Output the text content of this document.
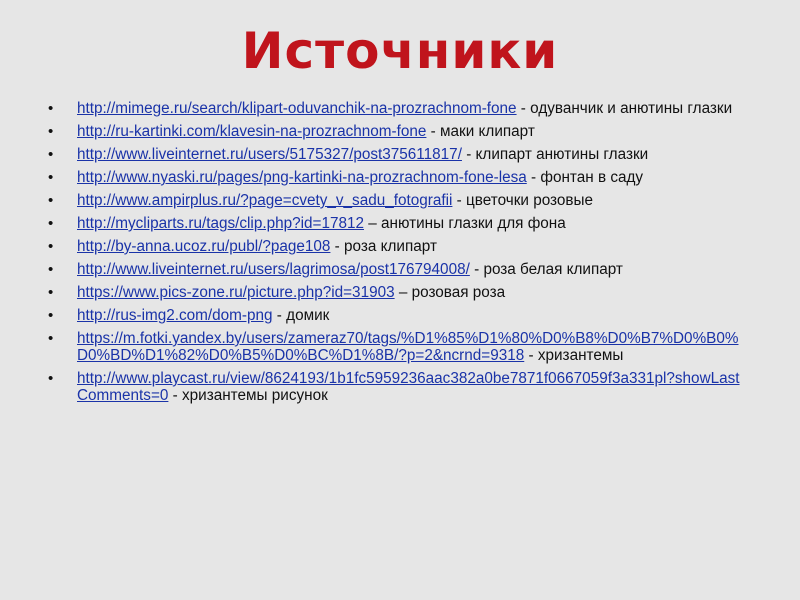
Источники
• http://mimege.ru/search/klipart-oduvanchik-na-prozrachnom-fone - одуванчик и анютины глазки
• http://ru-kartinki.com/klavesin-na-prozrachnom-fone - маки клипарт
• http://www.liveinternet.ru/users/5175327/post375611817/ - клипарт анютины глазки
• http://www.nyaski.ru/pages/png-kartinki-na-prozrachnom-fone-lesa - фонтан в саду
• http://www.ampirplus.ru/?page=cvety_v_sadu_fotografii - цветочки розовые
• http://mycliparts.ru/tags/clip.php?id=17812 – анютины глазки для фона
• http://by-anna.ucoz.ru/publ/?page108 - роза клипарт
• http://www.liveinternet.ru/users/lagrimosa/post176794008/ - роза белая клипарт
• https://www.pics-zone.ru/picture.php?id=31903 – розовая роза
• http://rus-img2.com/dom-png - домик
• https://m.fotki.yandex.by/users/zameraz70/tags/%D1%85%D1%80%D0%B8%D0%B7%D0%B0%D0%BD%D1%82%D0%B5%D0%BC%D1%8B/?p=2&ncrnd=9318 - хризантемы
• http://www.playcast.ru/view/8624193/1b1fc5959236aac382a0be7871f0667059f3a331pl?showLastComments=0 - хризантемы рисунок
